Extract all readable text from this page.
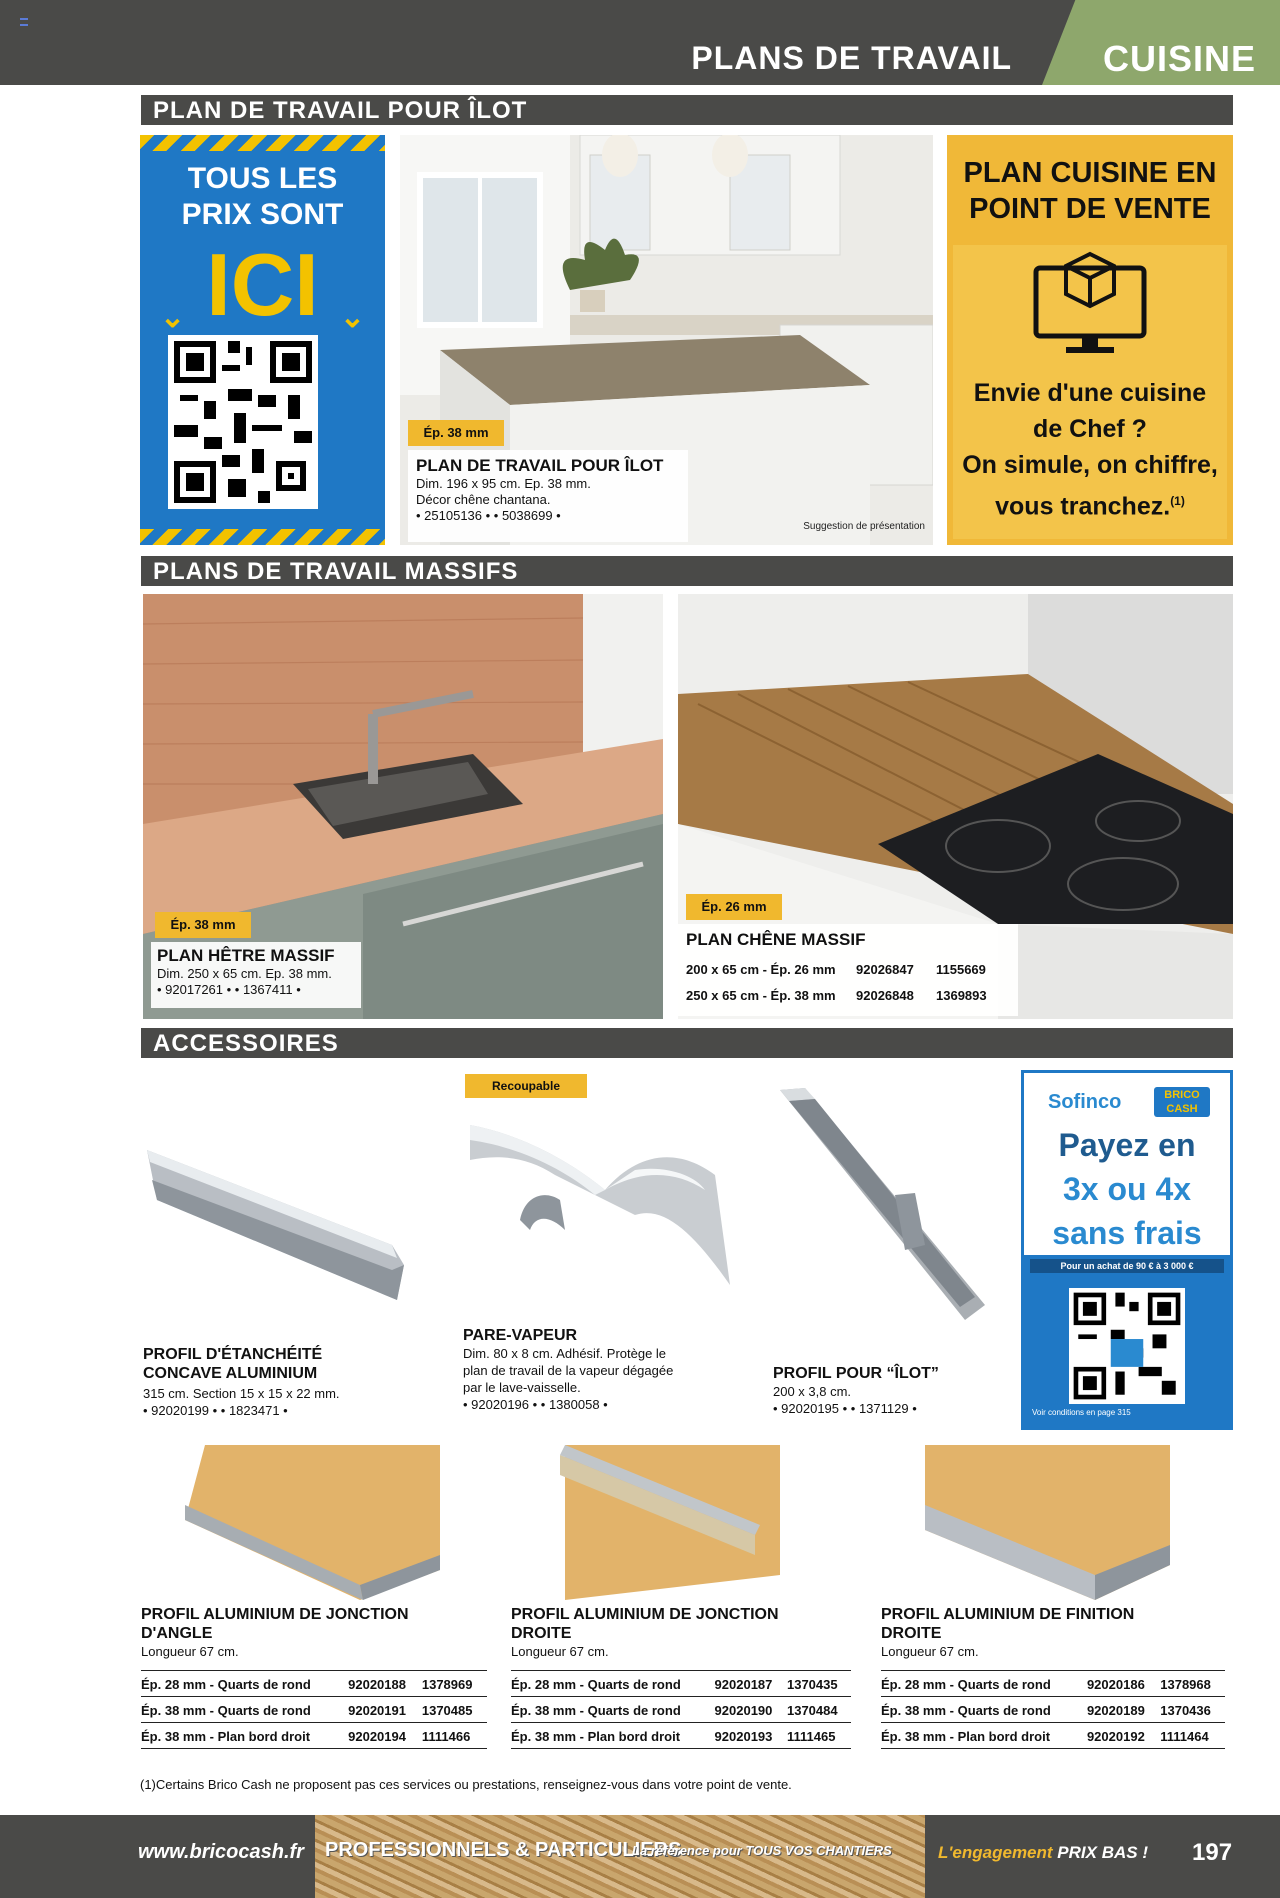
PLANS DE TRAVAIL	CUISINE
PLAN DE TRAVAIL POUR ÎLOT
TOUS LES
PRIX SONT
ICI
⌄	⌄
Ép. 38 mm
PLAN DE TRAVAIL POUR ÎLOT
Dim. 196 x 95 cm. Ep. 38 mm.
Décor chêne chantana.
• 25105136 • • 5038699 •
Suggestion de présentation
PLAN CUISINE EN
POINT DE VENTE
Envie d'une cuisine
de Chef ?
On simule, on chiffre,
vous tranchez.$^{(1)}$
PLANS DE TRAVAIL MASSIFS
Ép. 38 mm
PLAN HÊTRE MASSIF
Dim. 250 x 65 cm. Ep. 38 mm.
• 92017261 • • 1367411 •
Ép. 26 mm
PLAN CHÊNE MASSIF
200 x 65 cm - Ép. 26 mm	92026847	1155669
250 x 65 cm - Ép. 38 mm	92026848	1369893
ACCESSOIRES
PROFIL D'ÉTANCHÉITÉ
CONCAVE ALUMINIUM
315 cm. Section 15 x 15 x 22 mm.
• 92020199 • • 1823471 •
Recoupable
PARE-VAPEUR
Dim. 80 x 8 cm. Adhésif. Protège le
plan de travail de la vapeur dégagée
par le lave-vaisselle.
• 92020196 • • 1380058 •
PROFIL POUR “ÎLOT”
200 x 3,8 cm.
• 92020195 • • 1371129 •
Sofinco	BRICO CASH
Payez en
3x ou 4x
sans frais
Pour un achat de 90 € à 3 000 €
Voir conditions en page 315
PROFIL ALUMINIUM DE JONCTION
D'ANGLE
Longueur 67 cm.
Ép. 28 mm - Quarts de rond	92020188	1378969
Ép. 38 mm - Quarts de rond	92020191	1370485
Ép. 38 mm - Plan bord droit	92020194	1111466
PROFIL ALUMINIUM DE JONCTION
DROITE
Longueur 67 cm.
Ép. 28 mm - Quarts de rond	92020187	1370435
Ép. 38 mm - Quarts de rond	92020190	1370484
Ép. 38 mm - Plan bord droit	92020193	1111465
PROFIL ALUMINIUM DE FINITION
DROITE
Longueur 67 cm.
Ép. 28 mm - Quarts de rond	92020186	1378968
Ép. 38 mm - Quarts de rond	92020189	1370436
Ép. 38 mm - Plan bord droit	92020192	1111464
(1)Certains Brico Cash ne proposent pas ces services ou prestations, renseignez-vous dans votre point de vente.
www.bricocash.fr PROFESSIONNELS & PARTICULIERS
La référence pour TOUS VOS CHANTIERS	L'engagement PRIX BAS ! 197
